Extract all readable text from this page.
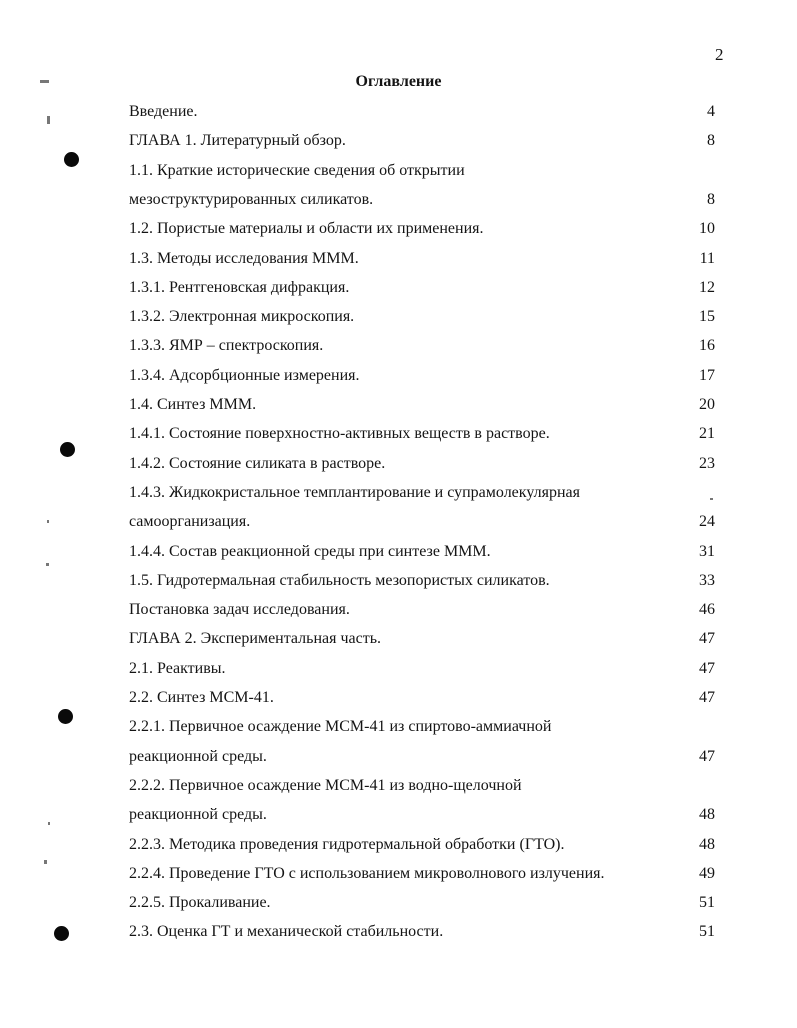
2
Оглавление
Введение.	4
ГЛАВА 1. Литературный обзор.	8
1.1. Краткие исторические сведения об открытии
мезоструктурированных силикатов.	8
1.2. Пористые материалы и области их применения.	10
1.3. Методы исследования МММ.	11
1.3.1. Рентгеновская дифракция.	12
1.3.2. Электронная микроскопия.	15
1.3.3. ЯМР – спектроскопия.	16
1.3.4. Адсорбционные измерения.	17
1.4. Синтез МММ.	20
1.4.1. Состояние поверхностно-активных веществ в растворе.	21
1.4.2. Состояние силиката в растворе.	23
1.4.3. Жидкокристальное темплантирование и супрамолекулярная
самоорганизация.	24
1.4.4. Состав реакционной среды при синтезе МММ.	31
1.5. Гидротермальная стабильность мезопористых силикатов.	33
Постановка задач исследования.	46
ГЛАВА 2. Экспериментальная часть.	47
2.1. Реактивы.	47
2.2. Синтез МСМ-41.	47
2.2.1. Первичное осаждение МСМ-41 из спиртово-аммиачной
реакционной среды.	47
2.2.2. Первичное осаждение МСМ-41 из водно-щелочной
реакционной среды.	48
2.2.3. Методика проведения гидротермальной обработки (ГТО).	48
2.2.4. Проведение ГТО с использованием микроволнового излучения.	49
2.2.5. Прокаливание.	51
2.3. Оценка ГТ и механической стабильности.	51
